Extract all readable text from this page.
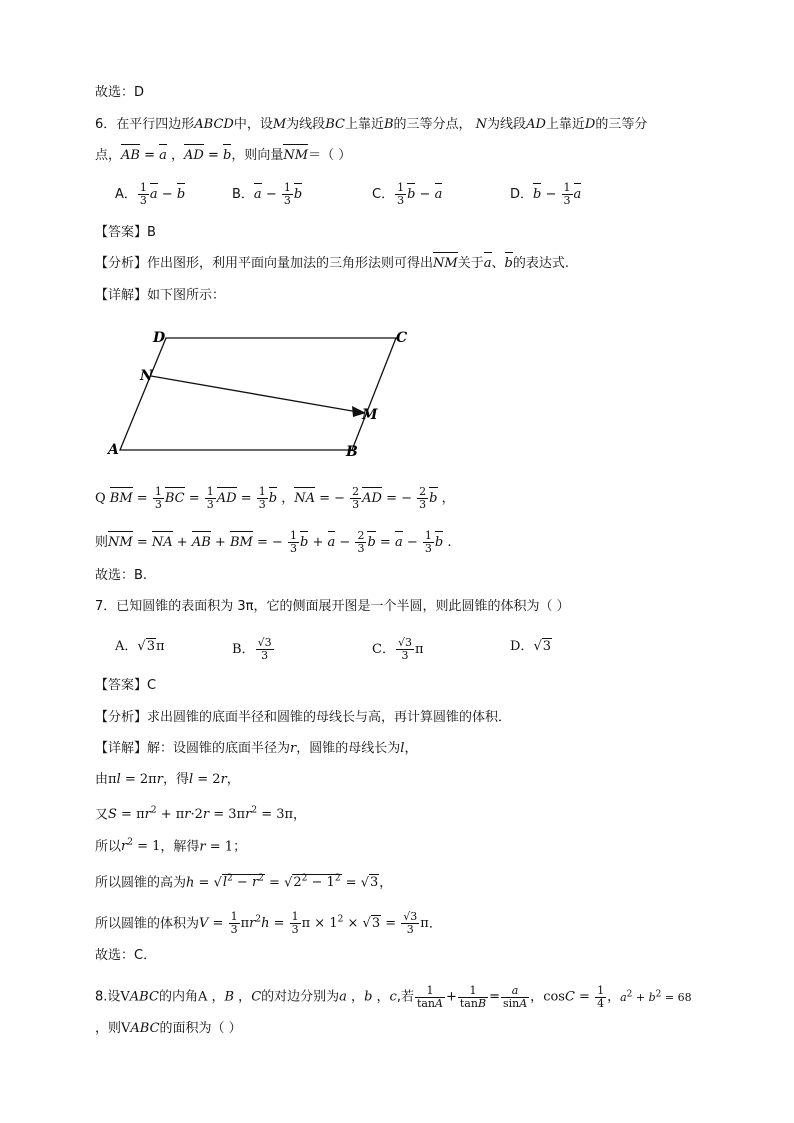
故选：D
6．在平行四边形ABCD中，设M为线段BC上靠近B的三等分点， N为线段AD上靠近D的三等分
点，AB = a ，AD = b，则向量NM＝（ ）
A． $\frac{1}{3}$ a − b	B．$a - \frac{1}{3}$ b	C． $\frac{1}{3}$ b − a	D．$b - \frac{1}{3}$ a
【答案】B
【分析】作出图形，利用平面向量加法的三角形法则可得出NM关于a、b的表达式.
【详解】如下图所示：
D	C
N
M
A	B
Q BM = $\frac{1}{3}$ BC = $\frac{1}{3}$ AD = $\frac{1}{3}$ b ，NA = − $\frac{2}{3}$ AD = − $\frac{2}{3}$ b ，
则NM = NA + AB + BM = − $\frac{1}{3}$ $b + a - \frac{2}{3}$ $b = a - \frac{1}{3}$ b .
故选：B.
7．已知圆锥的表面积为 3π，它的侧面展开图是一个半圆，则此圆锥的体积为（ ）
A．√3π	B． $\frac{√3}{3}$	C． $\frac{√3}{3}$ π	D．√3
【答案】C
【分析】求出圆锥的底面半径和圆锥的母线长与高，再计算圆锥的体积．
【详解】解：设圆锥的底面半径为r，圆锥的母线长为l，
由πl = 2πr，得l = 2r，
又$S = \pi r^2 + \pi r\cdot 2r = 3\pi r^2 = 3\pi$，
所以$r^2 = 1$，解得r = 1；
所以圆锥的高为$h = √l^2 - r^2 = √2^2 - 1^2 = √3$，
所以圆锥的体积为$V = \frac{1}{3} \pi r^2h = \frac{1}{3}$ $\pi \times 1^2 \times √3 = \frac{√3}{3}$ π．
故选：C．
8.设VABC的内角A ，B ，C的对边分别为a ，b ，c,若 $\frac{1}{\tan A} + \frac{1}{\tan B} = \frac{a}{\sin A}$ ，$\cos C = \frac{1}{4}$ ，$a^2 + b^2 = 68$
，则VABC的面积为（ ）
